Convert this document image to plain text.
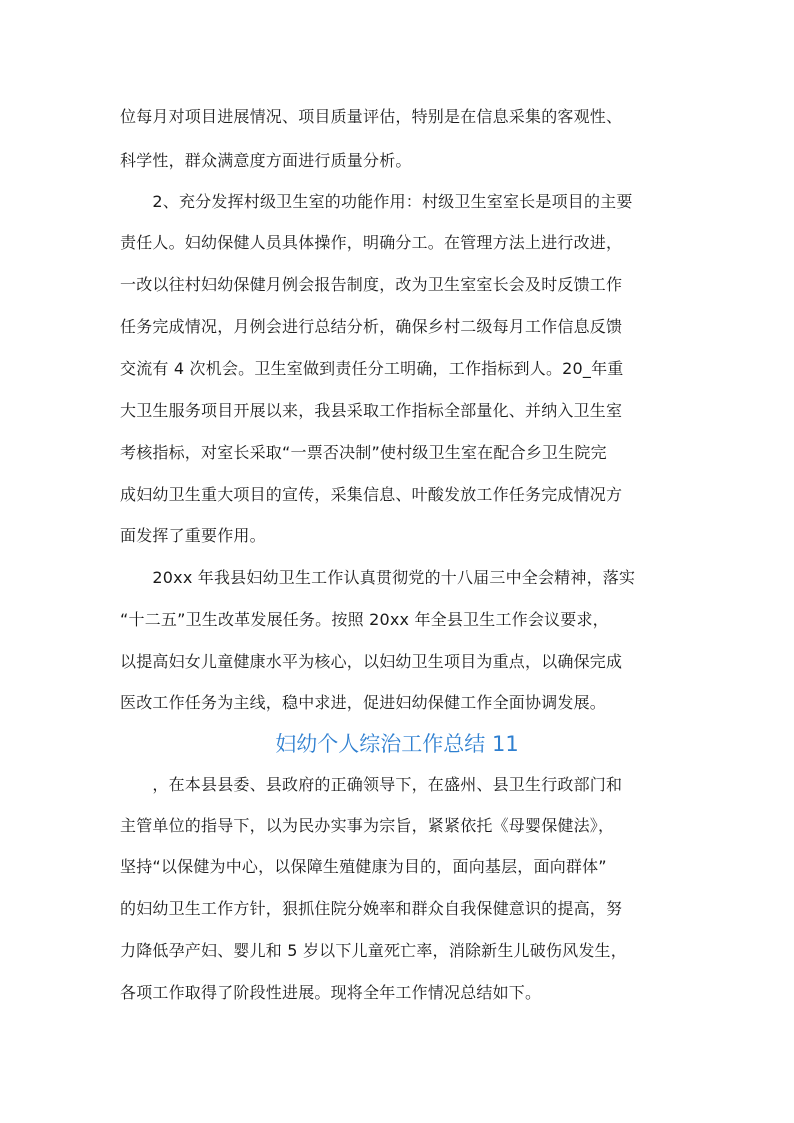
位每月对项目进展情况、项目质量评估，特别是在信息采集的客观性、
科学性，群众满意度方面进行质量分析。
　　2、充分发挥村级卫生室的功能作用：村级卫生室室长是项目的主要
责任人。妇幼保健人员具体操作，明确分工。在管理方法上进行改进，
一改以往村妇幼保健月例会报告制度，改为卫生室室长会及时反馈工作
任务完成情况，月例会进行总结分析，确保乡村二级每月工作信息反馈
交流有 4 次机会。卫生室做到责任分工明确，工作指标到人。20_年重
大卫生服务项目开展以来，我县采取工作指标全部量化、并纳入卫生室
考核指标，对室长采取“一票否决制”使村级卫生室在配合乡卫生院完
成妇幼卫生重大项目的宣传，采集信息、叶酸发放工作任务完成情况方
面发挥了重要作用。
　　20xx 年我县妇幼卫生工作认真贯彻党的十八届三中全会精神，落实
“十二五”卫生改革发展任务。按照 20xx 年全县卫生工作会议要求，
以提高妇女儿童健康水平为核心，以妇幼卫生项目为重点，以确保完成
医改工作任务为主线，稳中求进，促进妇幼保健工作全面协调发展。
妇幼个人综治工作总结 11
　　，在本县县委、县政府的正确领导下，在盛州、县卫生行政部门和
主管单位的指导下，以为民办实事为宗旨，紧紧依托《母婴保健法》，
坚持“以保健为中心，以保障生殖健康为目的，面向基层，面向群体”
的妇幼卫生工作方针，狠抓住院分娩率和群众自我保健意识的提高，努
力降低孕产妇、婴儿和 5 岁以下儿童死亡率，消除新生儿破伤风发生，
各项工作取得了阶段性进展。现将全年工作情况总结如下。
